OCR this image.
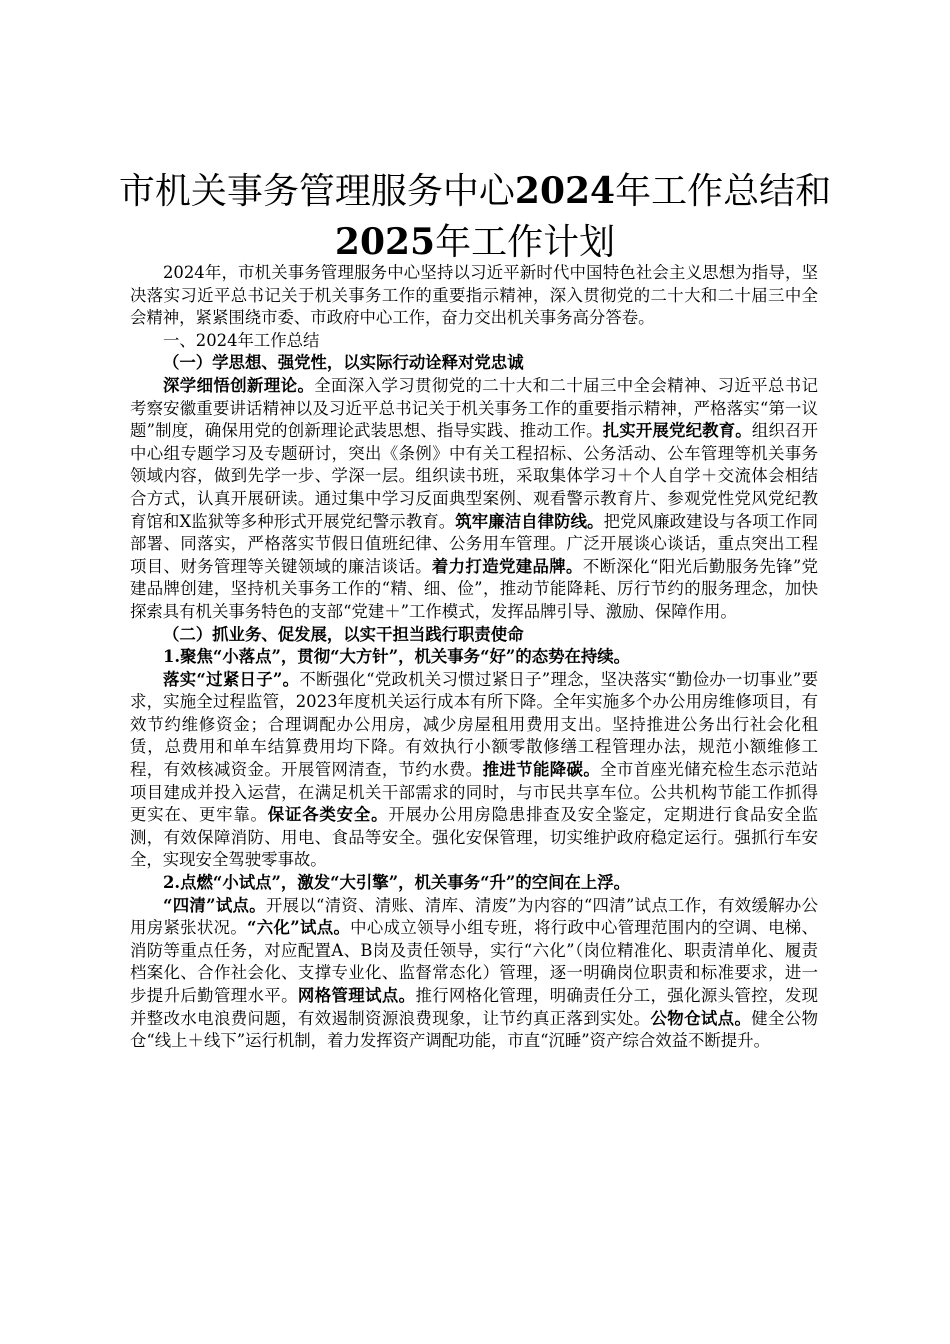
市机关事务管理服务中心2024年工作总结和
2025年工作计划

2024年，市机关事务管理服务中心坚持以习近平新时代中国特色社会主义思想为指导，坚决落实习近平总书记关于机关事务工作的重要指示精神，深入贯彻党的二十大和二十届三中全会精神，紧紧围绕市委、市政府中心工作，奋力交出机关事务高分答卷。

一、2024年工作总结

（一）学思想、强党性，以实际行动诠释对党忠诚

深学细悟创新理论。全面深入学习贯彻党的二十大和二十届三中全会精神、习近平总书记考察安徽重要讲话精神以及习近平总书记关于机关事务工作的重要指示精神，严格落实“第一议题”制度，确保用党的创新理论武装思想、指导实践、推动工作。扎实开展党纪教育。组织召开中心组专题学习及专题研讨，突出《条例》中有关工程招标、公务活动、公车管理等机关事务领域内容，做到先学一步、学深一层。组织读书班，采取集体学习＋个人自学＋交流体会相结合方式，认真开展研读。通过集中学习反面典型案例、观看警示教育片、参观党性党风党纪教育馆和X监狱等多种形式开展党纪警示教育。筑牢廉洁自律防线。把党风廉政建设与各项工作同部署、同落实，严格落实节假日值班纪律、公务用车管理。广泛开展谈心谈话，重点突出工程项目、财务管理等关键领域的廉洁谈话。着力打造党建品牌。不断深化“阳光后勤服务先锋”党建品牌创建，坚持机关事务工作的“精、细、俭”，推动节能降耗、厉行节约的服务理念，加快探索具有机关事务特色的支部“党建＋”工作模式，发挥品牌引导、激励、保障作用。

（二）抓业务、促发展，以实干担当践行职责使命

1.聚焦“小落点”，贯彻“大方针”，机关事务“好”的态势在持续。

落实“过紧日子”。不断强化“党政机关习惯过紧日子”理念，坚决落实“勤俭办一切事业”要求，实施全过程监管，2023年度机关运行成本有所下降。全年实施多个办公用房维修项目，有效节约维修资金；合理调配办公用房，减少房屋租用费用支出。坚持推进公务出行社会化租赁，总费用和单车结算费用均下降。有效执行小额零散修缮工程管理办法，规范小额维修工程，有效核减资金。开展管网清查，节约水费。推进节能降碳。全市首座光储充检生态示范站项目建成并投入运营，在满足机关干部需求的同时，与市民共享车位。公共机构节能工作抓得更实在、更牢靠。保证各类安全。开展办公用房隐患排查及安全鉴定，定期进行食品安全监测，有效保障消防、用电、食品等安全。强化安保管理，切实维护政府稳定运行。强抓行车安全，实现安全驾驶零事故。

2.点燃“小试点”，激发“大引擎”，机关事务“升”的空间在上浮。

“四清”试点。开展以“清资、清账、清库、清废”为内容的“四清”试点工作，有效缓解办公用房紧张状况。“六化”试点。中心成立领导小组专班，将行政中心管理范围内的空调、电梯、消防等重点任务，对应配置A、B岗及责任领导，实行“六化”（岗位精准化、职责清单化、履责档案化、合作社会化、支撑专业化、监督常态化）管理，逐一明确岗位职责和标准要求，进一步提升后勤管理水平。网格管理试点。推行网格化管理，明确责任分工，强化源头管控，发现并整改水电浪费问题，有效遏制资源浪费现象，让节约真正落到实处。公物仓试点。健全公物仓“线上＋线下”运行机制，着力发挥资产调配功能，市直“沉睡”资产综合效益不断提升。
